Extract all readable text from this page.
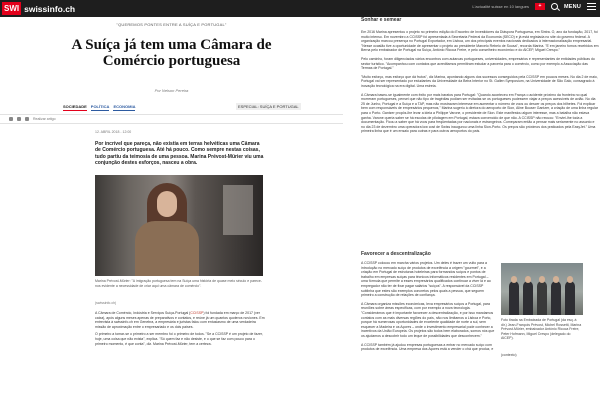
SWI swissinfo.ch	L'actualité suisse en 10 langues	+	MENU
"QUEREMOS PONTES ENTRE A SUÍÇA E PORTUGAL"
A Suíça já tem uma Câmara de Comércio portuguesa
Por Nelson Pereira
SOCIEDADE POLÍTICA ECONOMIA	ESPECIAL: SUÍÇA E PORTUGAL
Realizar artigo
12. ABRIL 2018 - 12:00

Por incrível que pareça, não existia em terras helvéticas uma Câmara de Comércio portuguesa. Até há pouco. Como sempre nestas coisas, tudo partiu da teimosia de uma pessoa. Marina Prévost-Mürier viu uma conjunção destes esforços, nasceu a obra.

Marina Prévost-Mürier: "A imigração portuguesa tem na Suíça uma história de quase meio século e parece-nos evidente a necessidade de criar aqui uma câmara de comércio".

(swissinfo.ch)

A Câmara de Comércio, Indústria e Serviços Suíça-Portugal (CCISSP) foi fundada em março de 2017 (ver caixa), após alguns meses apenas de preparativos e contatos, e reúne já um quantos quoteros noviones. Em entrevista à swissinfo.ch em Genebra, a empresária e juristas falou com entusiasmo de uma verdadeira missão de aproximação entre o empresariado e os dois países.

O primeiro a tomar-se o primeiro a ser membro foi o primeiro de todos. "Se a CCISSP é um projeto de fazer, hoje, uma coisa que não exista", explica. "Só quem faz e não desiste, e o que se faz com pouco para o primeiro momento, é que conta", diz. Marina Prévost-Mürier, tem a certeza.

Sonhar e semear

Em 2016 Marina apresentou o projeto no primeiro edição do Encontro de Investidores da Diáspora Portuguesa, em Sintra. O, ano da fundação, 2017, foi muito intenso. Em novembro a CCISSP foi apresentada à Secretaria Federal da Economia (SECO) e já está registada no site do governo federal. A organização marcou presença no Portugal Exportador, em Lisboa, um dos principais eventos nacionais dedicados à internacionalização empresarial. "Nesse ocasião tive a oportunidade de apresentar o projeto ao presidente Marcelo Rebelo de Sousa", recorda Marina. "E em janeiro fomos recebidos em Berna pelo embaixador de Portugal na Suíça, António Ricoca Freire, e pelo conselheiro económico e do AICEP, Miguel Crespo."

Pelo caminho, foram diligenciados vários encontros com autarcas portugueses, universidades, empresários e representantes de entidades públicas do sector turístico. "Acompanhou com contatos que acreditamos permitiram estudar a parceria para o comércio, como por exemplo a Associação das Termas de Portugal."

"Muito esforço, mas esforço que dá frutos", diz Marina, apontando alguns dos sucessos conseguidos pela CCISSP em poucos meses. No dia 2 de maio, Portugal vai ser representado por estudantes da Universidade da Beira Interior no St. Gallen Symposium, na Universidade de São Galo, consagrado à inovação tecnológica na era digital. Uma estreia.

A Câmara baseu-se igualmente com êxito por mais baratos para Portugal: "Quando aconteceu em França o acidente próximo da fronteira no qual morreram portugueses, pensei que não tipo de tragédias podiam ser evitadas se os portugueses pudessem viajar a preços acessíveis de avião. No dia 25 de Junho, Portugal e a Suíça e a TAP, mas não mostravam interesse em aumentar o número de voos ou descer os preços dos bilhetes. Foi explicar bem com responsáveis de empresários pequenos," Marina sugeriu à diretora do aeroporto de Sion, Aline Bouser Gantzer, a criação de uma linha regular para o Porto. Gantzer propôs-lhe levar a ideia a Philippe Varone, o presidente de Sion. Este manifestou algum interesse, mas a batalha não estava ganha. Varone queria saber se há escolas de pilotagem em Portugal, estava convencido de que não. A CCISSP não recuou: "Enviei-lhe toda a documentação. Ficou a saber que há voos para freqüentadas por nacionais e estrangeiros. Começaram então a pensar mais seriamente no assunto e no dia 23 de dezembro uma operadora low cost de Swiss inaugurou uma linha Sion-Porto. Os preços são próximos dos praticados pela EasyJet." Uma primeira linha que é um ensaio para outras e para outros aeroportos do país.

Favorecer a descentralização

A CCISSP colocou em marcha vários projetos. Um deles é trazer um vulto para a introdução no mercado suíço de produtos de excelência a origem "gourmet", e a criação em Portugal de estruturas hoteleiras para formandos suíços e pontos de trabalho em empresas suíças para técnicos informáticos residentes em Portugal – uma fórmula que permite a esses empresários qualificados continuar a viver lá e ao empregador não ter de fixar pagar salários "suíços". A responsável da CCISSP sublinha que estes são exemplos concretos pelos quais a pessoa, que seguem primeiro a construção de relações de confiança.

A Câmara organiza missões económicas, leva empresários suíços a Portugal, para reuniões sobre áreas específicas, com por exemplo a nova tecnologia. "Considerámos que é importante favorecer a descentralização, e por isso mandamos contatos com as mais diversas regiões do país, não nos limitamos a Lisboa e Porto, porque há numerosas oportunidades de excelente qualidade de norte a sul, sem esquecer a Madeira e os Açores – onde o investimento empresarial pode conhecer a incentivos da União Europeia. Os projetos são todos bem elaborados, somos nós que os ajudamos a descobrir todo um leque de possibilidades que desconhecem."

A CCISSP também já ajudou empresas portuguesas a entrar no mercado suíço com produtos de excelência. Uma empresa dos Açores está a vender o chá que produz, e

Foto tirada na Embaixada de Portugal (da esq. à dir.) Jean-François Prévost, Michel Rossetti, Marina Prévost-Mürier, embaixador António Ricoca Freire, Peter Hofmann, Miguel Crespo (delegado do AICEP).

(contexto)
